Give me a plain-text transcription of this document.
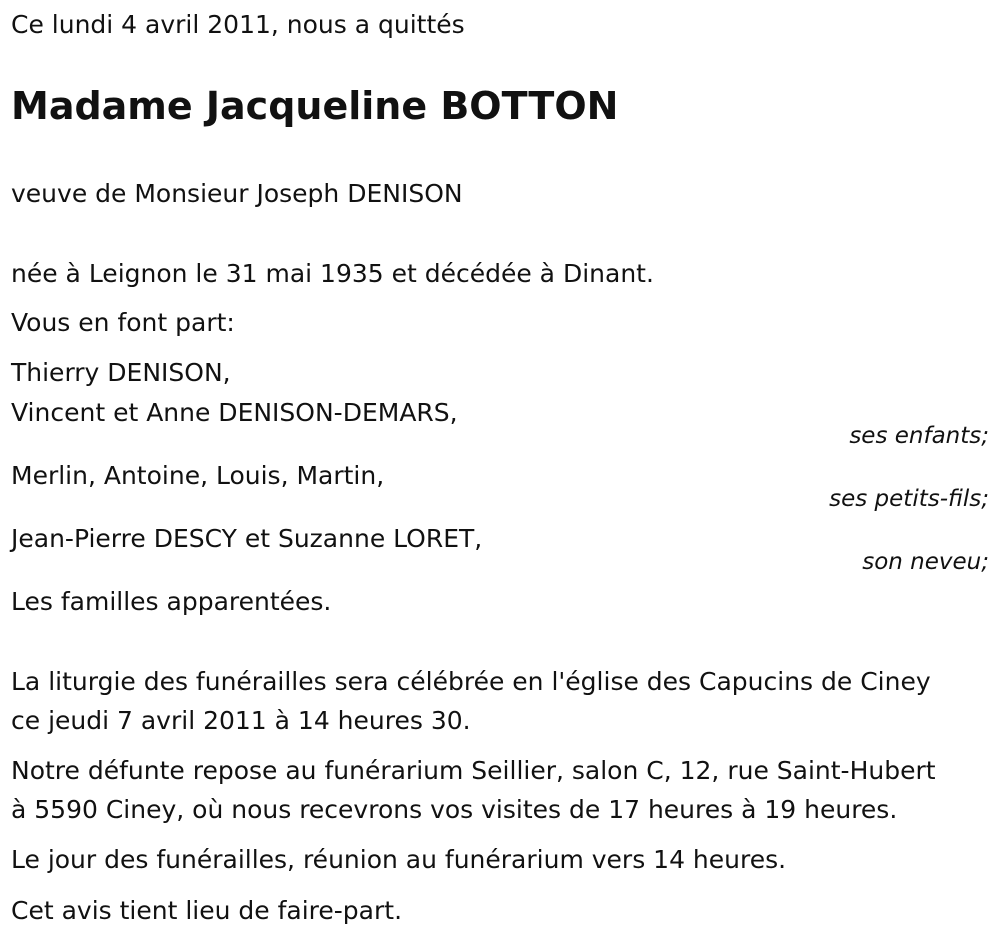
Ce lundi 4 avril 2011, nous a quittés
Madame Jacqueline BOTTON
veuve de Monsieur Joseph DENISON
née à Leignon le 31 mai 1935 et décédée à Dinant.
Vous en font part:
Thierry DENISON,
Vincent et Anne DENISON-DEMARS,
ses enfants;
Merlin, Antoine, Louis, Martin,
ses petits-fils;
Jean-Pierre DESCY et Suzanne LORET,
son neveu;
Les familles apparentées.
La liturgie des funérailles sera célébrée en l'église des Capucins de Ciney
ce jeudi 7 avril 2011 à 14 heures 30.
Notre défunte repose au funérarium Seillier, salon C, 12, rue Saint-Hubert
à 5590 Ciney, où nous recevrons vos visites de 17 heures à 19 heures.
Le jour des funérailles, réunion au funérarium vers 14 heures.
Cet avis tient lieu de faire-part.
